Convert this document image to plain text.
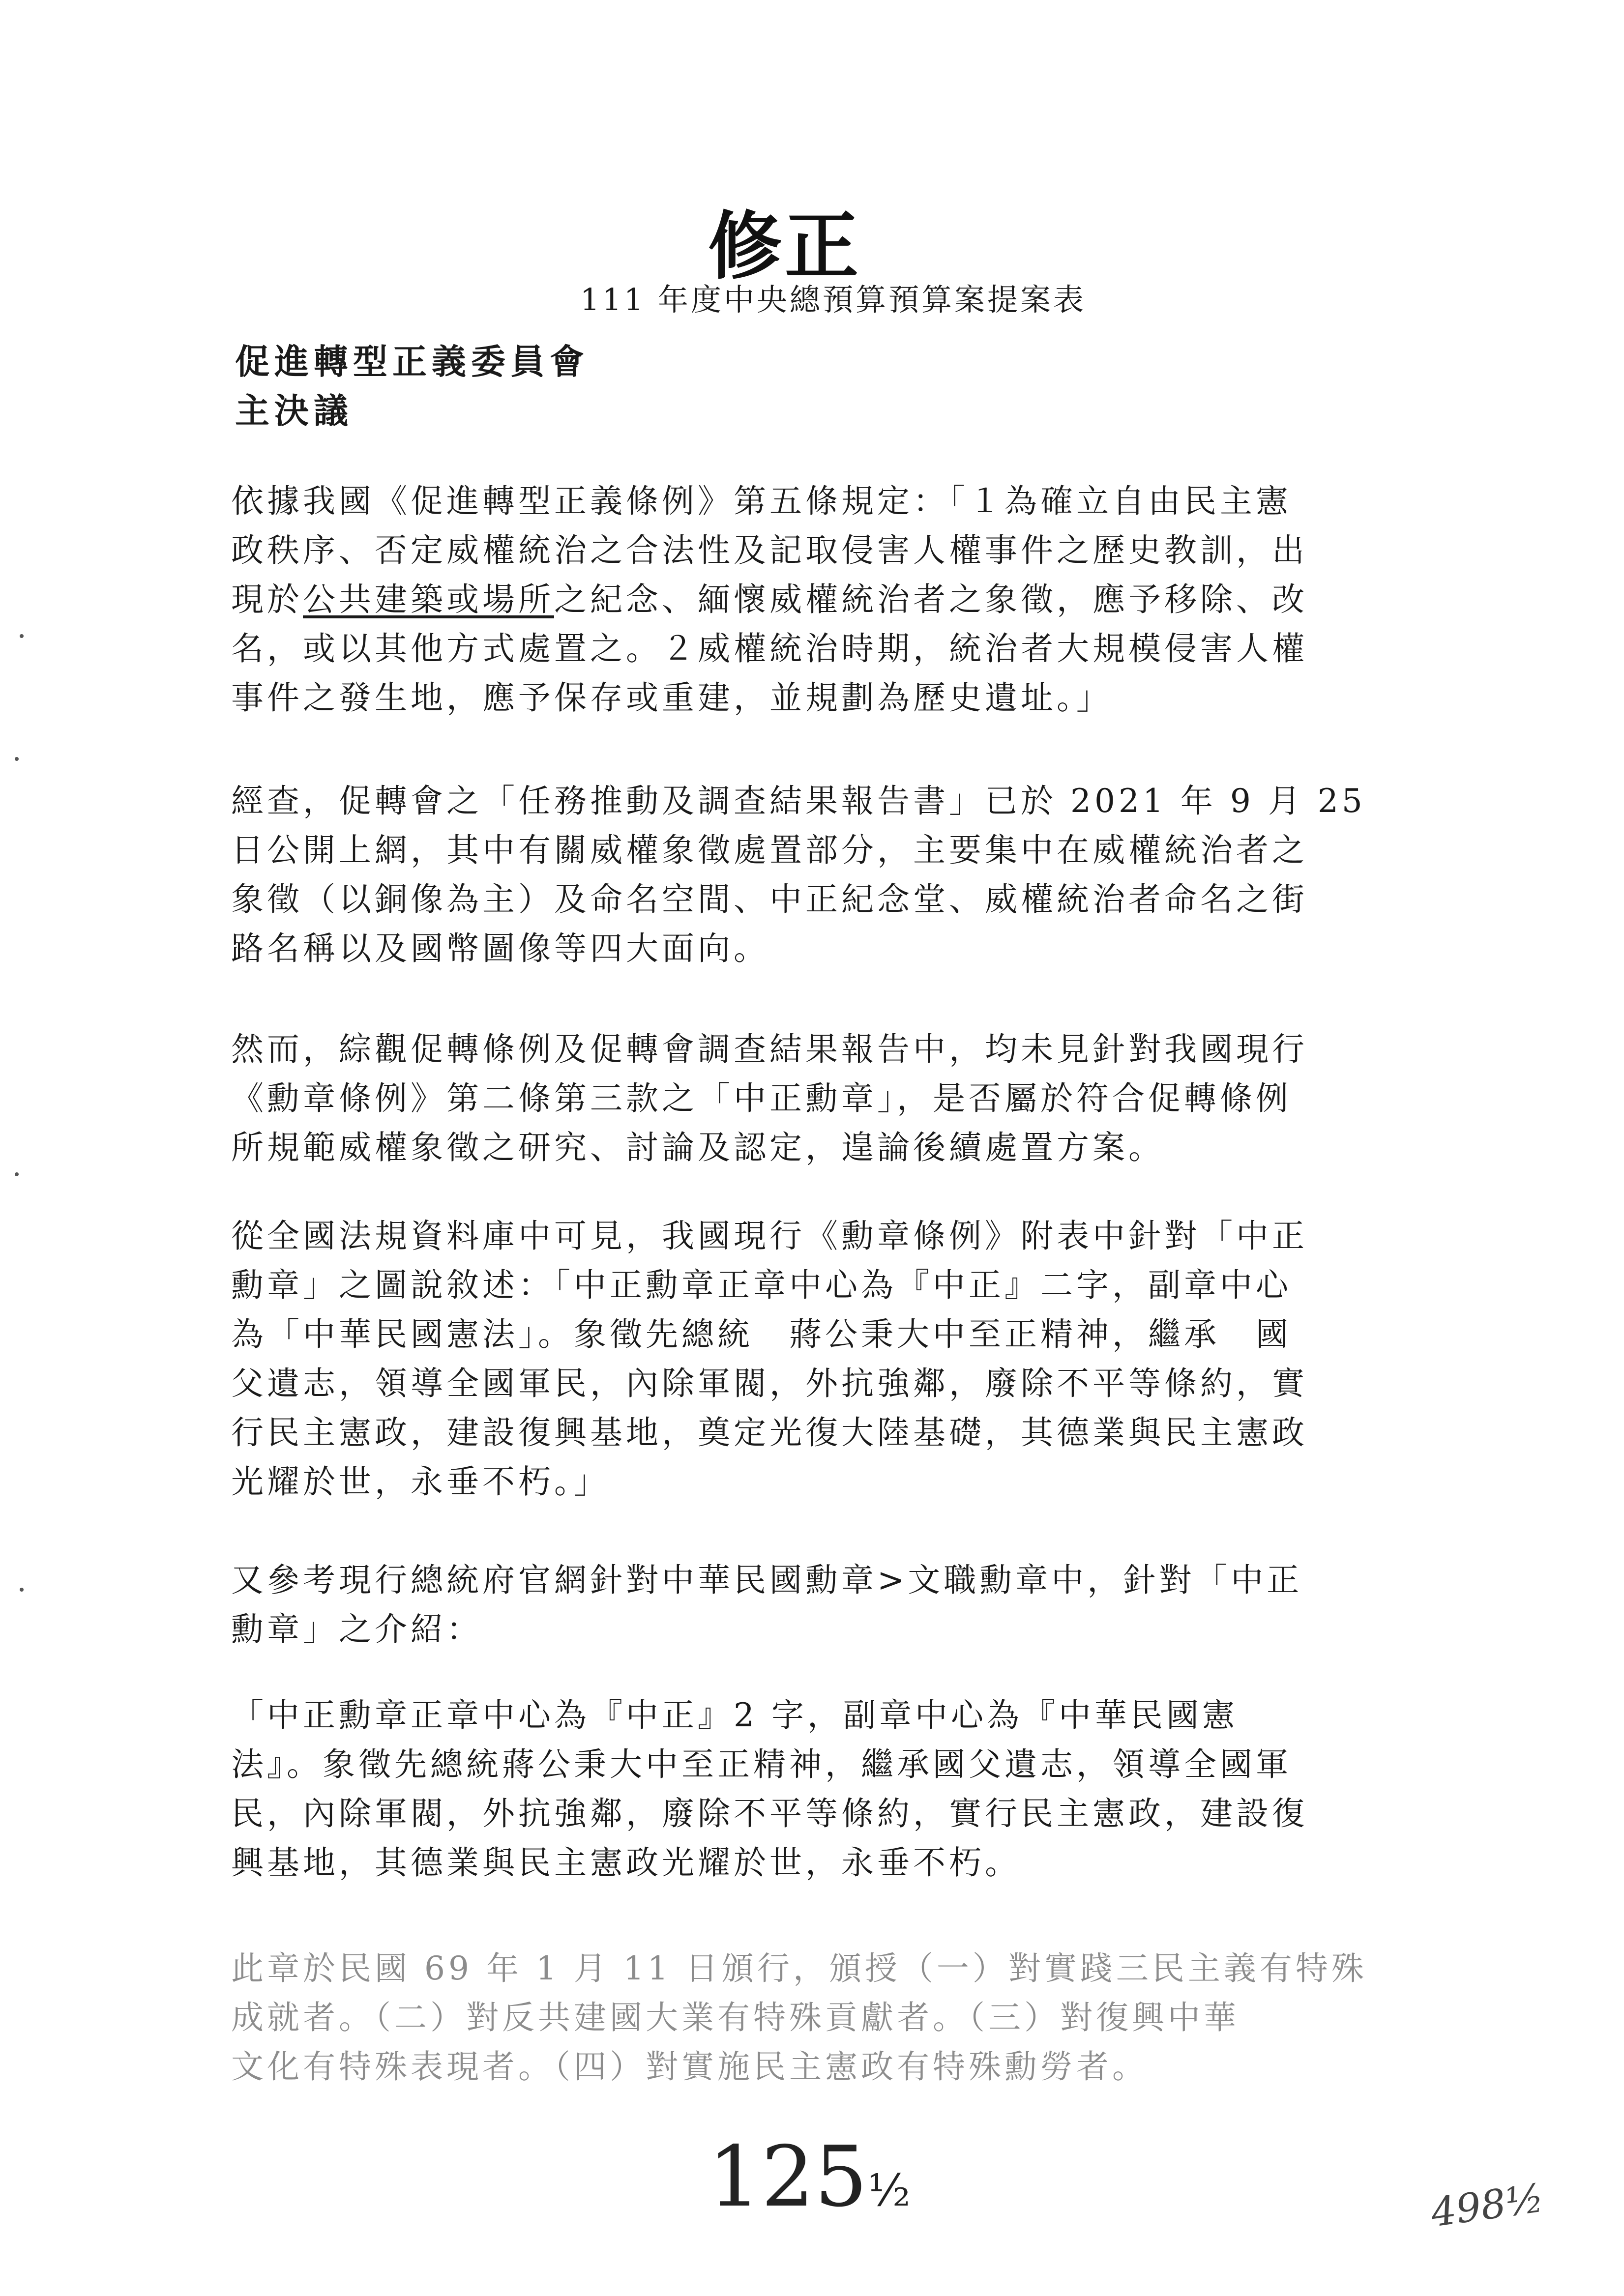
修正
111 年度中央總預算預算案提案表
促進轉型正義委員會
主決議
依據我國《促進轉型正義條例》第五條規定：「１為確立自由民主憲
政秩序、否定威權統治之合法性及記取侵害人權事件之歷史教訓，出
現於公共建築或場所之紀念、緬懷威權統治者之象徵，應予移除、改
名，或以其他方式處置之。２威權統治時期，統治者大規模侵害人權
事件之發生地，應予保存或重建，並規劃為歷史遺址。」
經查，促轉會之「任務推動及調查結果報告書」已於 2021 年 9 月 25
日公開上網，其中有關威權象徵處置部分，主要集中在威權統治者之
象徵（以銅像為主）及命名空間、中正紀念堂、威權統治者命名之街
路名稱以及國幣圖像等四大面向。
然而，綜觀促轉條例及促轉會調查結果報告中，均未見針對我國現行
《勳章條例》第二條第三款之「中正勳章」，是否屬於符合促轉條例
所規範威權象徵之研究、討論及認定，遑論後續處置方案。
從全國法規資料庫中可見，我國現行《勳章條例》附表中針對「中正
勳章」之圖說敘述：「中正勳章正章中心為『中正』二字，副章中心
為「中華民國憲法」。象徵先總統　蔣公秉大中至正精神，繼承　國
父遺志，領導全國軍民，內除軍閥，外抗強鄰，廢除不平等條約，實
行民主憲政，建設復興基地，奠定光復大陸基礎，其德業與民主憲政
光耀於世，永垂不朽。」
又參考現行總統府官網針對中華民國勳章>文職勳章中，針對「中正
勳章」之介紹：
「中正勳章正章中心為『中正』2 字，副章中心為『中華民國憲
法』。象徵先總統蔣公秉大中至正精神，繼承國父遺志，領導全國軍
民，內除軍閥，外抗強鄰，廢除不平等條約，實行民主憲政，建設復
興基地，其德業與民主憲政光耀於世，永垂不朽。
此章於民國 69 年 1 月 11 日頒行，頒授（一）對實踐三民主義有特殊
成就者。（二）對反共建國大業有特殊貢獻者。（三）對復興中華
文化有特殊表現者。（四）對實施民主憲政有特殊勳勞者。
125½	498½
